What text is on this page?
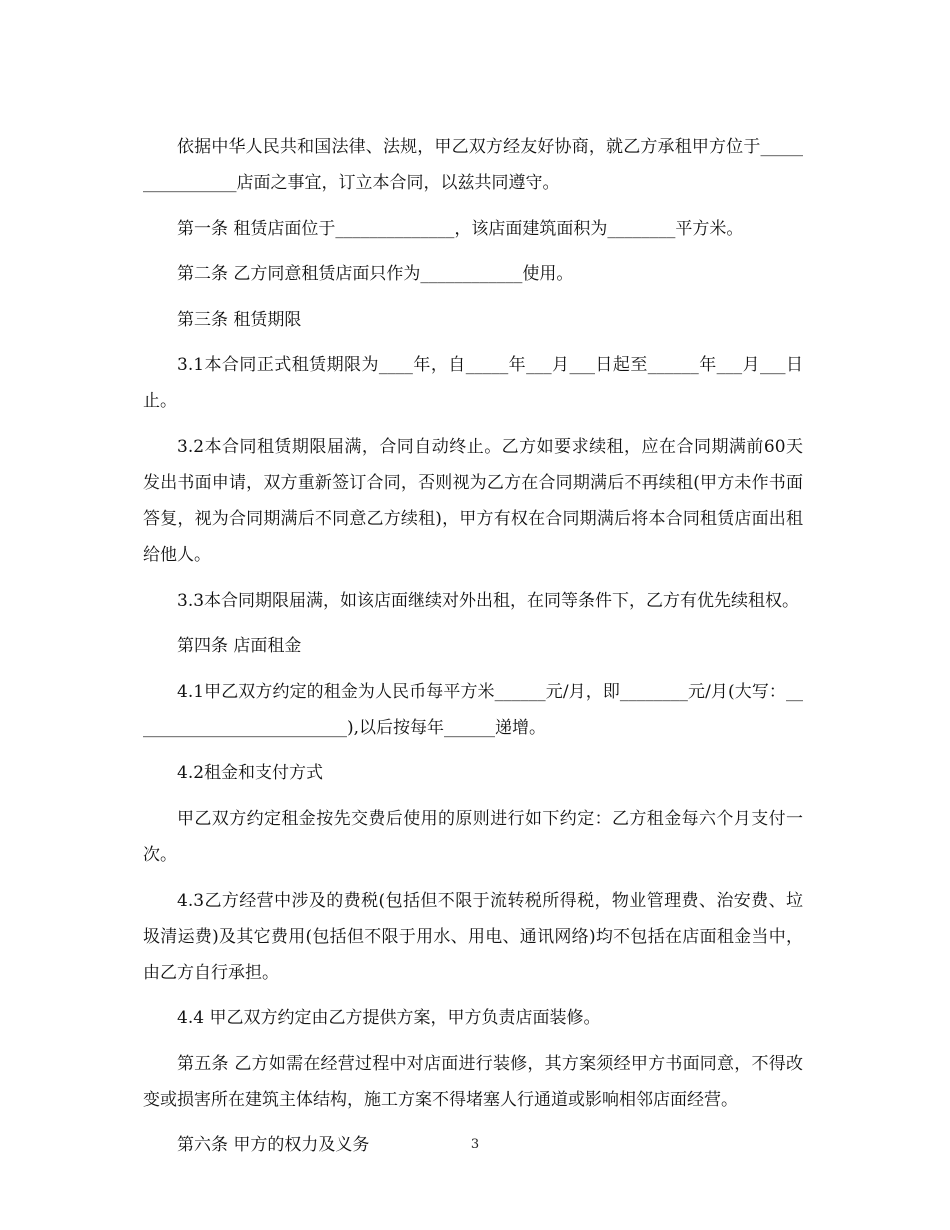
依据中华人民共和国法律、法规，甲乙双方经友好协商，就乙方承租甲方位于________________店面之事宜，订立本合同，以兹共同遵守。

第一条 租赁店面位于______________，该店面建筑面积为________平方米。

第二条 乙方同意租赁店面只作为____________使用。

第三条 租赁期限

3.1本合同正式租赁期限为____年，自_____年___月___日起至______年___月___日止。

3.2本合同租赁期限届满，合同自动终止。乙方如要求续租，应在合同期满前60天发出书面申请，双方重新签订合同，否则视为乙方在合同期满后不再续租(甲方未作书面答复，视为合同期满后不同意乙方续租)，甲方有权在合同期满后将本合同租赁店面出租给他人。

3.3本合同期限届满，如该店面继续对外出租，在同等条件下，乙方有优先续租权。

第四条 店面租金

4.1甲乙双方约定的租金为人民币每平方米______元/月，即________元/月(大写：__________________________),以后按每年______递增。

4.2租金和支付方式

甲乙双方约定租金按先交费后使用的原则进行如下约定：乙方租金每六个月支付一次。

4.3乙方经营中涉及的费税(包括但不限于流转税所得税，物业管理费、治安费、垃圾清运费)及其它费用(包括但不限于用水、用电、通讯网络)均不包括在店面租金当中，由乙方自行承担。

4.4 甲乙双方约定由乙方提供方案，甲方负责店面装修。

第五条 乙方如需在经营过程中对店面进行装修，其方案须经甲方书面同意，不得改变或损害所在建筑主体结构，施工方案不得堵塞人行通道或影响相邻店面经营。

第六条 甲方的权力及义务	3
